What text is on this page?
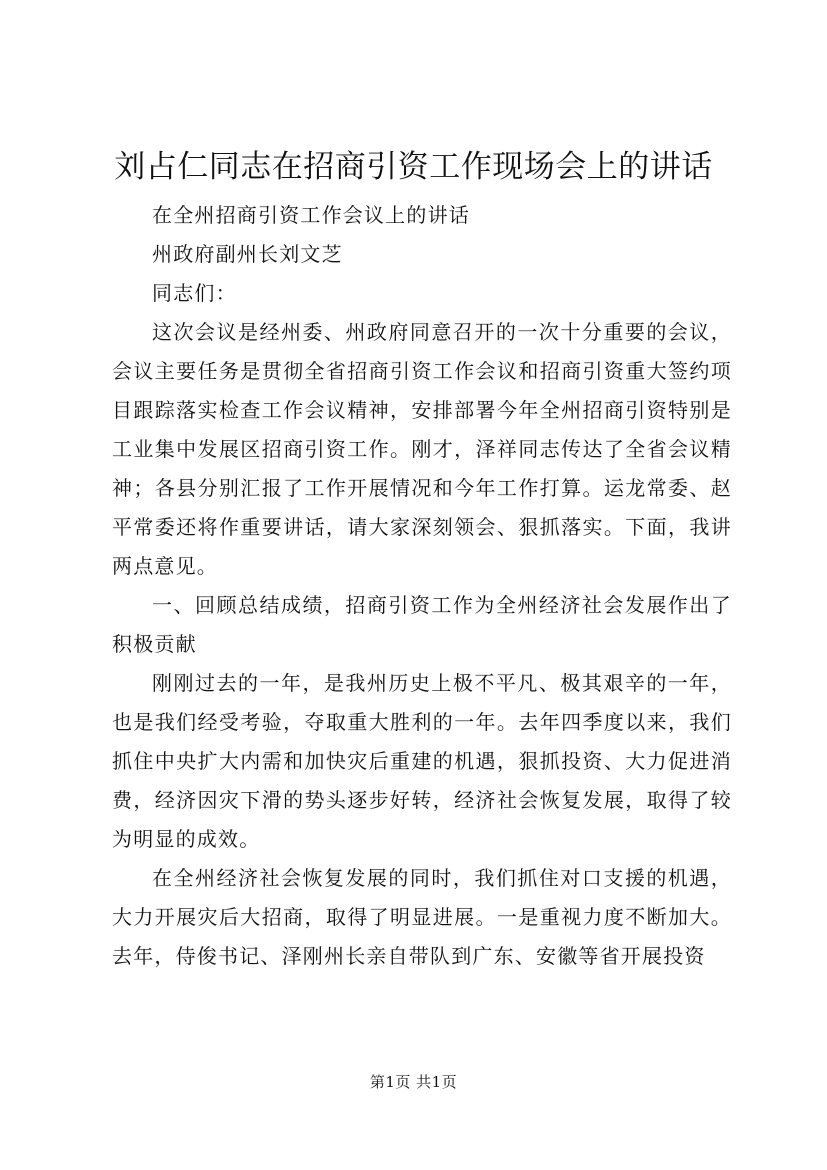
刘占仁同志在招商引资工作现场会上的讲话

在全州招商引资工作会议上的讲话

州政府副州长刘文芝

同志们：

这次会议是经州委、州政府同意召开的一次十分重要的会议，会议主要任务是贯彻全省招商引资工作会议和招商引资重大签约项目跟踪落实检查工作会议精神，安排部署今年全州招商引资特别是工业集中发展区招商引资工作。刚才，泽祥同志传达了全省会议精神；各县分别汇报了工作开展情况和今年工作打算。运龙常委、赵平常委还将作重要讲话，请大家深刻领会、狠抓落实。下面，我讲两点意见。

一、回顾总结成绩，招商引资工作为全州经济社会发展作出了积极贡献

刚刚过去的一年，是我州历史上极不平凡、极其艰辛的一年，也是我们经受考验，夺取重大胜利的一年。去年四季度以来，我们抓住中央扩大内需和加快灾后重建的机遇，狠抓投资、大力促进消费，经济因灾下滑的势头逐步好转，经济社会恢复发展，取得了较为明显的成效。

在全州经济社会恢复发展的同时，我们抓住对口支援的机遇，大力开展灾后大招商，取得了明显进展。一是重视力度不断加大。去年，侍俊书记、泽刚州长亲自带队到广东、安徽等省开展投资

第1页 共1页
